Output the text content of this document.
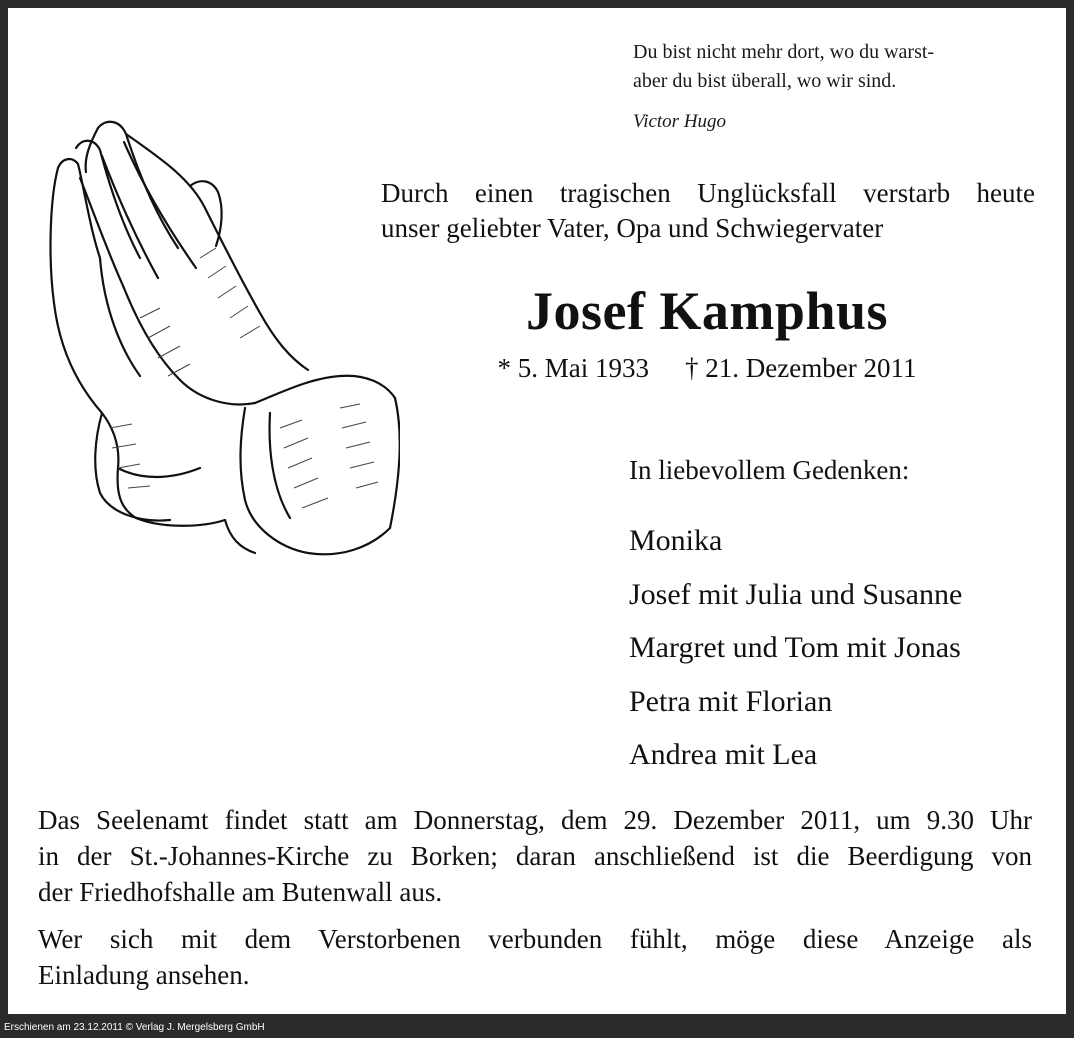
Du bist nicht mehr dort, wo du warst-
aber du bist überall, wo wir sind.
Victor Hugo
Durch einen tragischen Unglücksfall verstarb heute
unser geliebter Vater, Opa und Schwiegervater
Josef Kamphus
* 5. Mai 1933 † 21. Dezember 2011
In liebevollem Gedenken:
Monika
Josef mit Julia und Susanne
Margret und Tom mit Jonas
Petra mit Florian
Andrea mit Lea
Das Seelenamt findet statt am Donnerstag, dem 29. Dezember 2011, um 9.30 Uhr
in der St.-Johannes-Kirche zu Borken; daran anschließend ist die Beerdigung von
der Friedhofshalle am Butenwall aus.
Wer sich mit dem Verstorbenen verbunden fühlt, möge diese Anzeige als
Einladung ansehen.
Erschienen am 23.12.2011 © Verlag J. Mergelsberg GmbH
